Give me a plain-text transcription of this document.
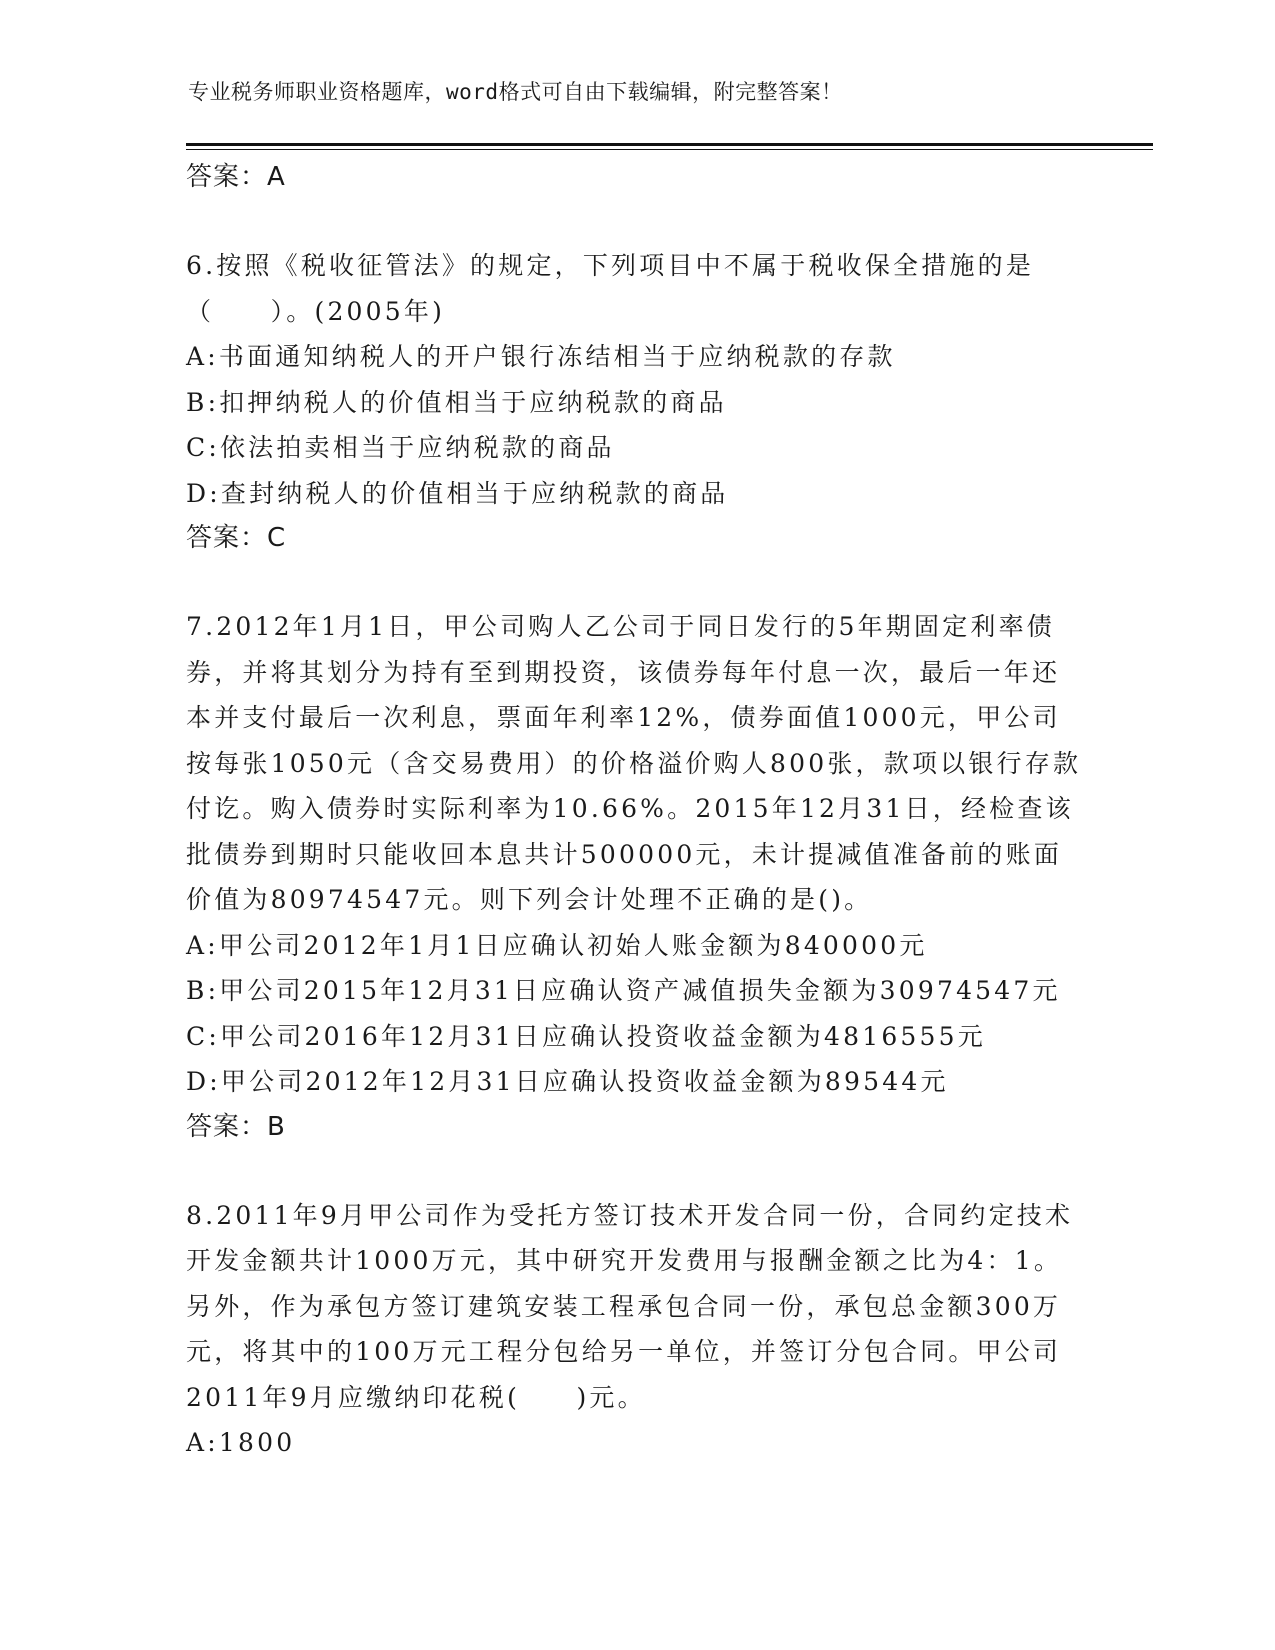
专业税务师职业资格题库，word格式可自由下载编辑，附完整答案！
答案：A
6.按照《税收征管法》的规定，下列项目中不属于税收保全措施的是（　　）。(2005年)
A:书面通知纳税人的开户银行冻结相当于应纳税款的存款
B:扣押纳税人的价值相当于应纳税款的商品
C:依法拍卖相当于应纳税款的商品
D:查封纳税人的价值相当于应纳税款的商品
答案：C
7.2012年1月1日，甲公司购人乙公司于同日发行的5年期固定利率债券，并将其划分为持有至到期投资，该债券每年付息一次，最后一年还本并支付最后一次利息，票面年利率12%，债券面值1000元，甲公司按每张1050元（含交易费用）的价格溢价购人800张，款项以银行存款付讫。购入债券时实际利率为10.66%。2015年12月31日，经检查该批债券到期时只能收回本息共计500000元，未计提减值准备前的账面价值为80974547元。则下列会计处理不正确的是()。
A:甲公司2012年1月1日应确认初始人账金额为840000元
B:甲公司2015年12月31日应确认资产减值损失金额为30974547元
C:甲公司2016年12月31日应确认投资收益金额为4816555元
D:甲公司2012年12月31日应确认投资收益金额为89544元
答案：B
8.2011年9月甲公司作为受托方签订技术开发合同一份，合同约定技术开发金额共计1000万元，其中研究开发费用与报酬金额之比为4：1。另外，作为承包方签订建筑安装工程承包合同一份，承包总金额300万元，将其中的100万元工程分包给另一单位，并签订分包合同。甲公司2011年9月应缴纳印花税(　　)元。
A:1800
